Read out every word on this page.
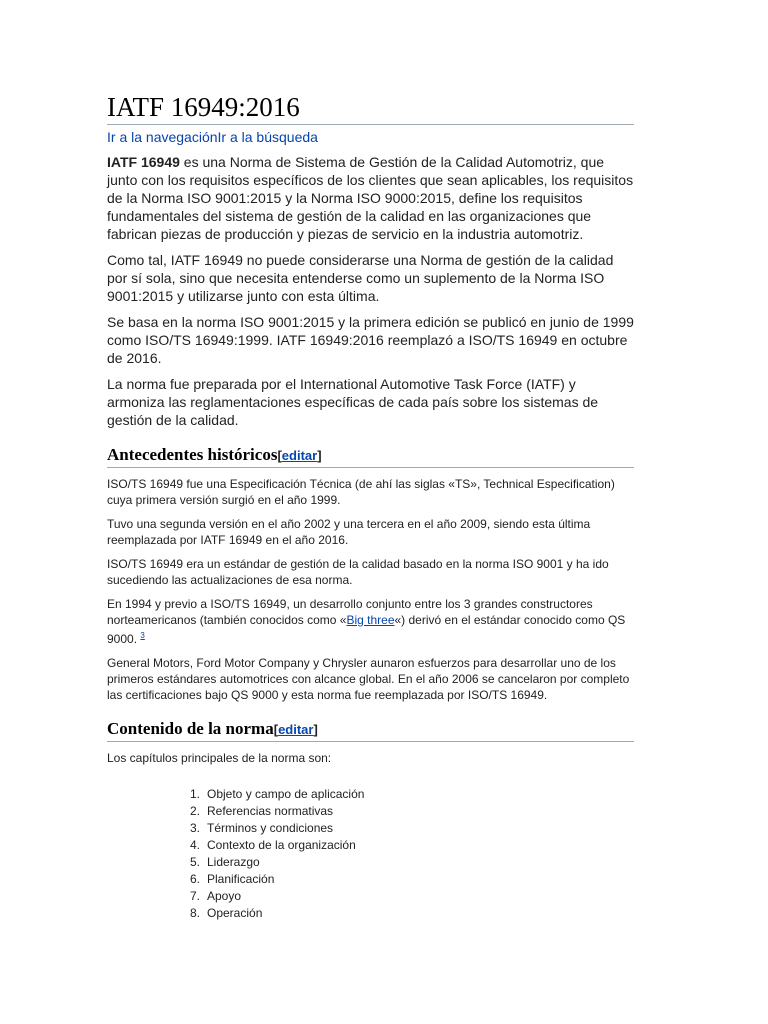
IATF 16949:2016
Ir a la navegaciónIr a la búsqueda

IATF 16949 es una Norma de Sistema de Gestión de la Calidad Automotriz, que junto con los requisitos específicos de los clientes que sean aplicables, los requisitos de la Norma ISO 9001:2015 y la Norma ISO 9000:2015, define los requisitos fundamentales del sistema de gestión de la calidad en las organizaciones que fabrican piezas de producción y piezas de servicio en la industria automotriz.

Como tal, IATF 16949 no puede considerarse una Norma de gestión de la calidad por sí sola, sino que necesita entenderse como un suplemento de la Norma ISO 9001:2015 y utilizarse junto con esta última.

Se basa en la norma ISO 9001:2015 y la primera edición se publicó en junio de 1999 como ISO/TS 16949:1999. IATF 16949:2016 reemplazó a ISO/TS 16949 en octubre de 2016.

La norma fue preparada por el International Automotive Task Force (IATF) y armoniza las reglamentaciones específicas de cada país sobre los sistemas de gestión de la calidad.

Antecedentes históricos[editar]

ISO/TS 16949 fue una Especificación Técnica (de ahí las siglas «TS», Technical Especification) cuya primera versión surgió en el año 1999.

Tuvo una segunda versión en el año 2002 y una tercera en el año 2009, siendo esta última reemplazada por IATF 16949 en el año 2016.

ISO/TS 16949 era un estándar de gestión de la calidad basado en la norma ISO 9001 y ha ido sucediendo las actualizaciones de esa norma.

En 1994 y previo a ISO/TS 16949, un desarrollo conjunto entre los 3 grandes constructores norteamericanos (también conocidos como «Big three«) derivó en el estándar conocido como QS 9000. $^3$

General Motors, Ford Motor Company y Chrysler aunaron esfuerzos para desarrollar uno de los primeros estándares automotrices con alcance global. En el año 2006 se cancelaron por completo las certificaciones bajo QS 9000 y esta norma fue reemplazada por ISO/TS 16949.

Contenido de la norma[editar]

Los capítulos principales de la norma son:

1. Objeto y campo de aplicación
2. Referencias normativas
3. Términos y condiciones
4. Contexto de la organización
5. Liderazgo
6. Planificación
7. Apoyo
8. Operación
